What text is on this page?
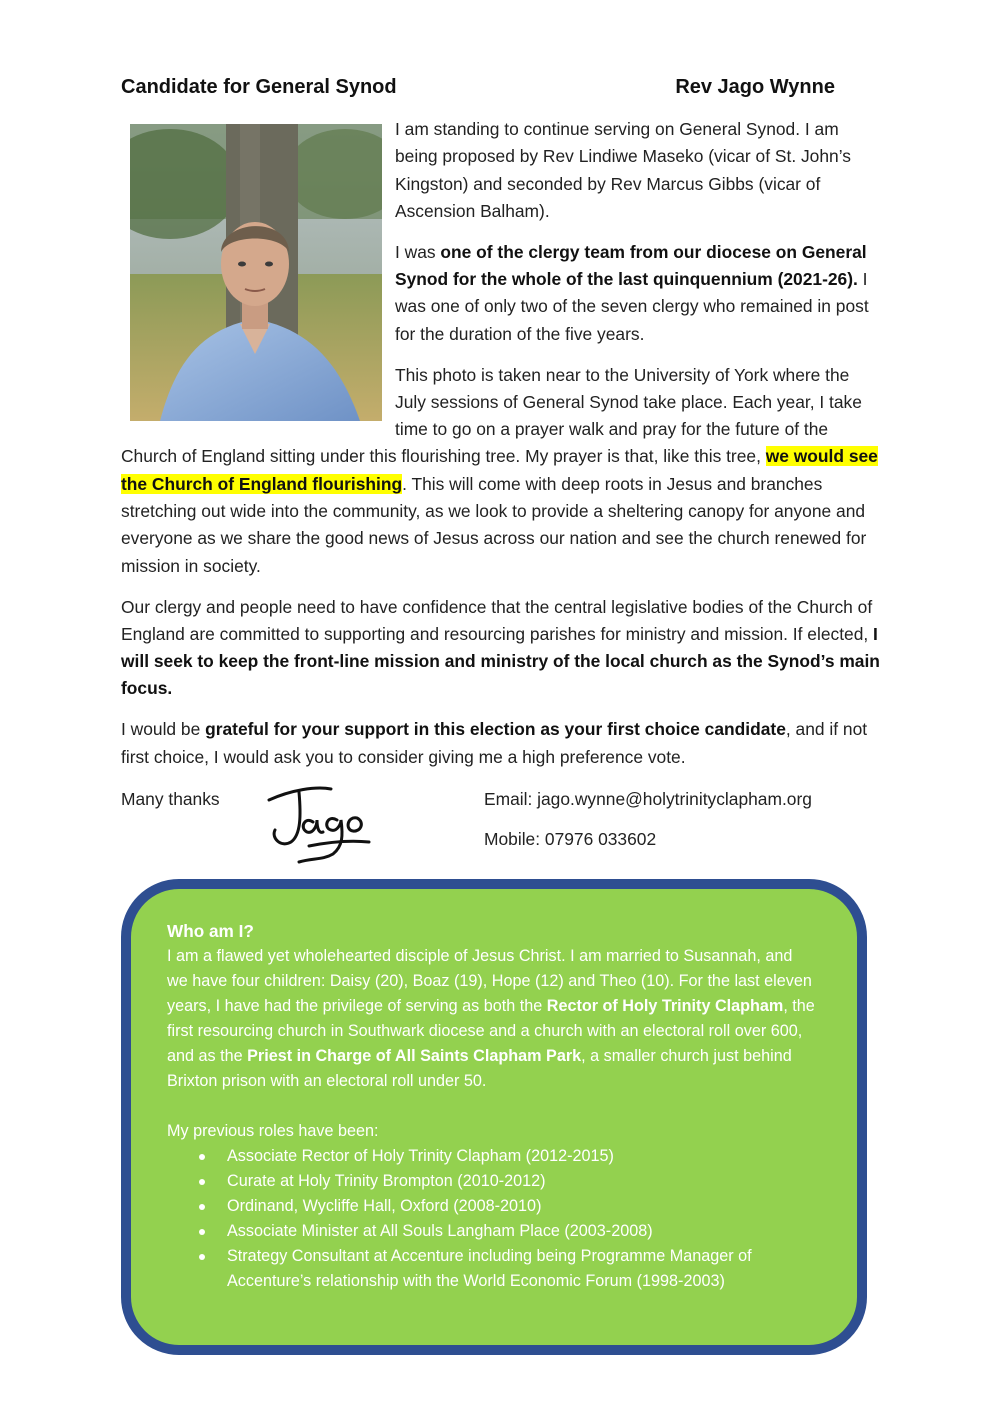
Candidate for General Synod	Rev Jago Wynne

I am standing to continue serving on General Synod. I am being proposed by Rev Lindiwe Maseko (vicar of St. John’s Kingston) and seconded by Rev Marcus Gibbs (vicar of Ascension Balham).

I was one of the clergy team from our diocese on General Synod for the whole of the last quinquennium (2021-26). I was one of only two of the seven clergy who remained in post for the duration of the five years.

This photo is taken near to the University of York where the July sessions of General Synod take place. Each year, I take time to go on a prayer walk and pray for the future of the Church of England sitting under this flourishing tree. My prayer is that, like this tree, we would see the Church of England flourishing. This will come with deep roots in Jesus and branches stretching out wide into the community, as we look to provide a sheltering canopy for anyone and everyone as we share the good news of Jesus across our nation and see the church renewed for mission in society.

Our clergy and people need to have confidence that the central legislative bodies of the Church of England are committed to supporting and resourcing parishes for ministry and mission. If elected, I will seek to keep the front-line mission and ministry of the local church as the Synod’s main focus.

I would be grateful for your support in this election as your first choice candidate, and if not first choice, I would ask you to consider giving me a high preference vote.

Many thanks	Email: jago.wynne@holytrinityclapham.org
Mobile: 07976 033602

Who am I?

I am a flawed yet wholehearted disciple of Jesus Christ. I am married to Susannah, and we have four children: Daisy (20), Boaz (19), Hope (12) and Theo (10). For the last eleven years, I have had the privilege of serving as both the Rector of Holy Trinity Clapham, the first resourcing church in Southwark diocese and a church with an electoral roll over 600, and as the Priest in Charge of All Saints Clapham Park, a smaller church just behind Brixton prison with an electoral roll under 50.

My previous roles have been:

Associate Rector of Holy Trinity Clapham (2012-2015)
Curate at Holy Trinity Brompton (2010-2012)
Ordinand, Wycliffe Hall, Oxford (2008-2010)
Associate Minister at All Souls Langham Place (2003-2008)
Strategy Consultant at Accenture including being Programme Manager of Accenture’s relationship with the World Economic Forum (1998-2003)
